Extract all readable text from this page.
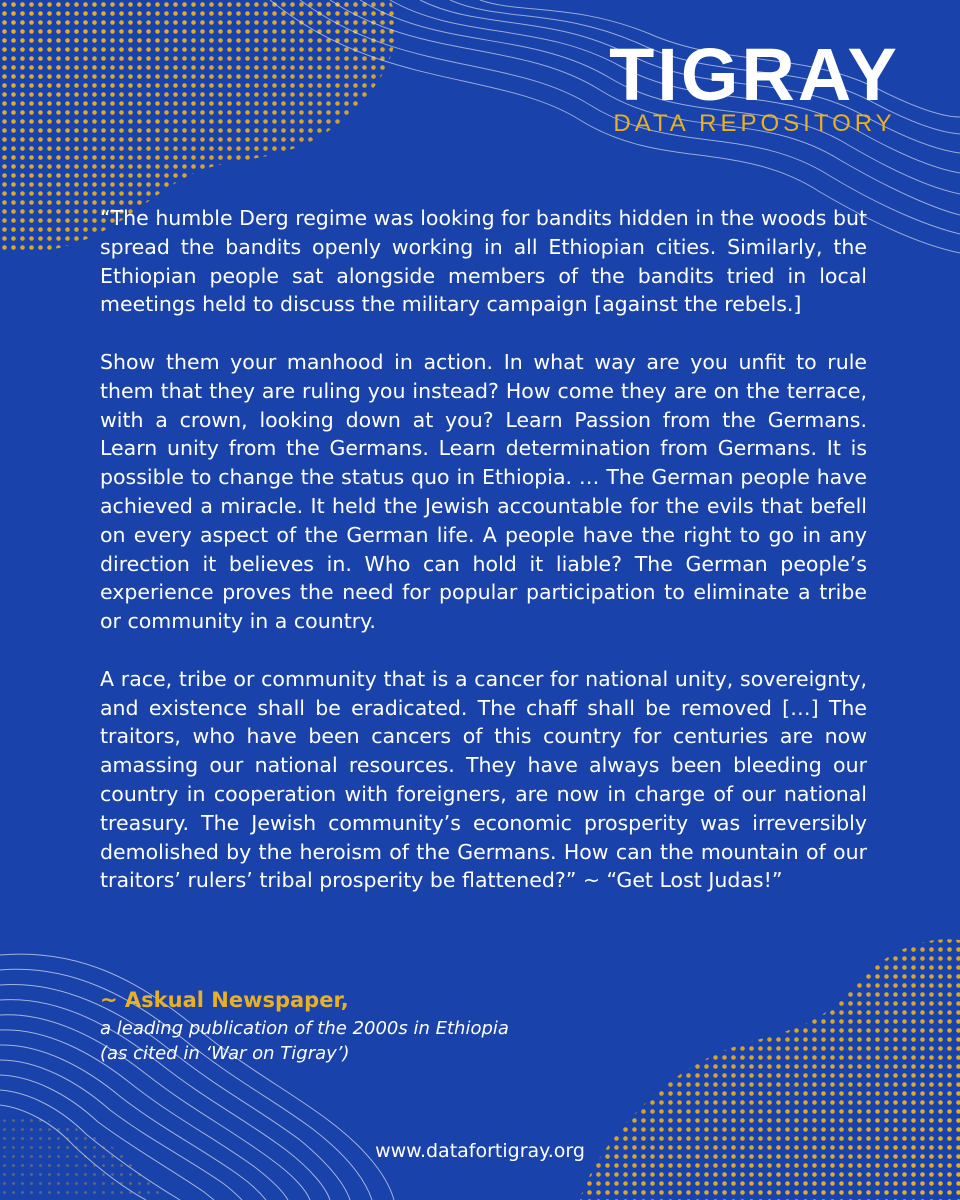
TIGRAY
DATA REPOSITORY

“The humble Derg regime was looking for bandits hidden in the woods but spread the bandits openly working in all Ethiopian cities. Similarly, the Ethiopian people sat alongside members of the bandits tried in local meetings held to discuss the military campaign [against the rebels.]

Show them your manhood in action. In what way are you unfit to rule them that they are ruling you instead? How come they are on the terrace, with a crown, looking down at you? Learn Passion from the Germans. Learn unity from the Germans. Learn determination from Germans. It is possible to change the status quo in Ethiopia. … The German people have achieved a miracle. It held the Jewish accountable for the evils that befell on every aspect of the German life. A people have the right to go in any direction it believes in. Who can hold it liable? The German people’s experience proves the need for popular participation to eliminate a tribe or community in a country.

A race, tribe or community that is a cancer for national unity, sovereignty, and existence shall be eradicated. The chaff shall be removed […] The traitors, who have been cancers of this country for centuries are now amassing our national resources. They have always been bleeding our country in cooperation with foreigners, are now in charge of our national treasury. The Jewish community’s economic prosperity was irreversibly demolished by the heroism of the Germans. How can the mountain of our traitors’ rulers’ tribal prosperity be flattened?” ~ “Get Lost Judas!”

~ Askual Newspaper,
a leading publication of the 2000s in Ethiopia
(as cited in ‘War on Tigray’)
www.datafortigray.org
